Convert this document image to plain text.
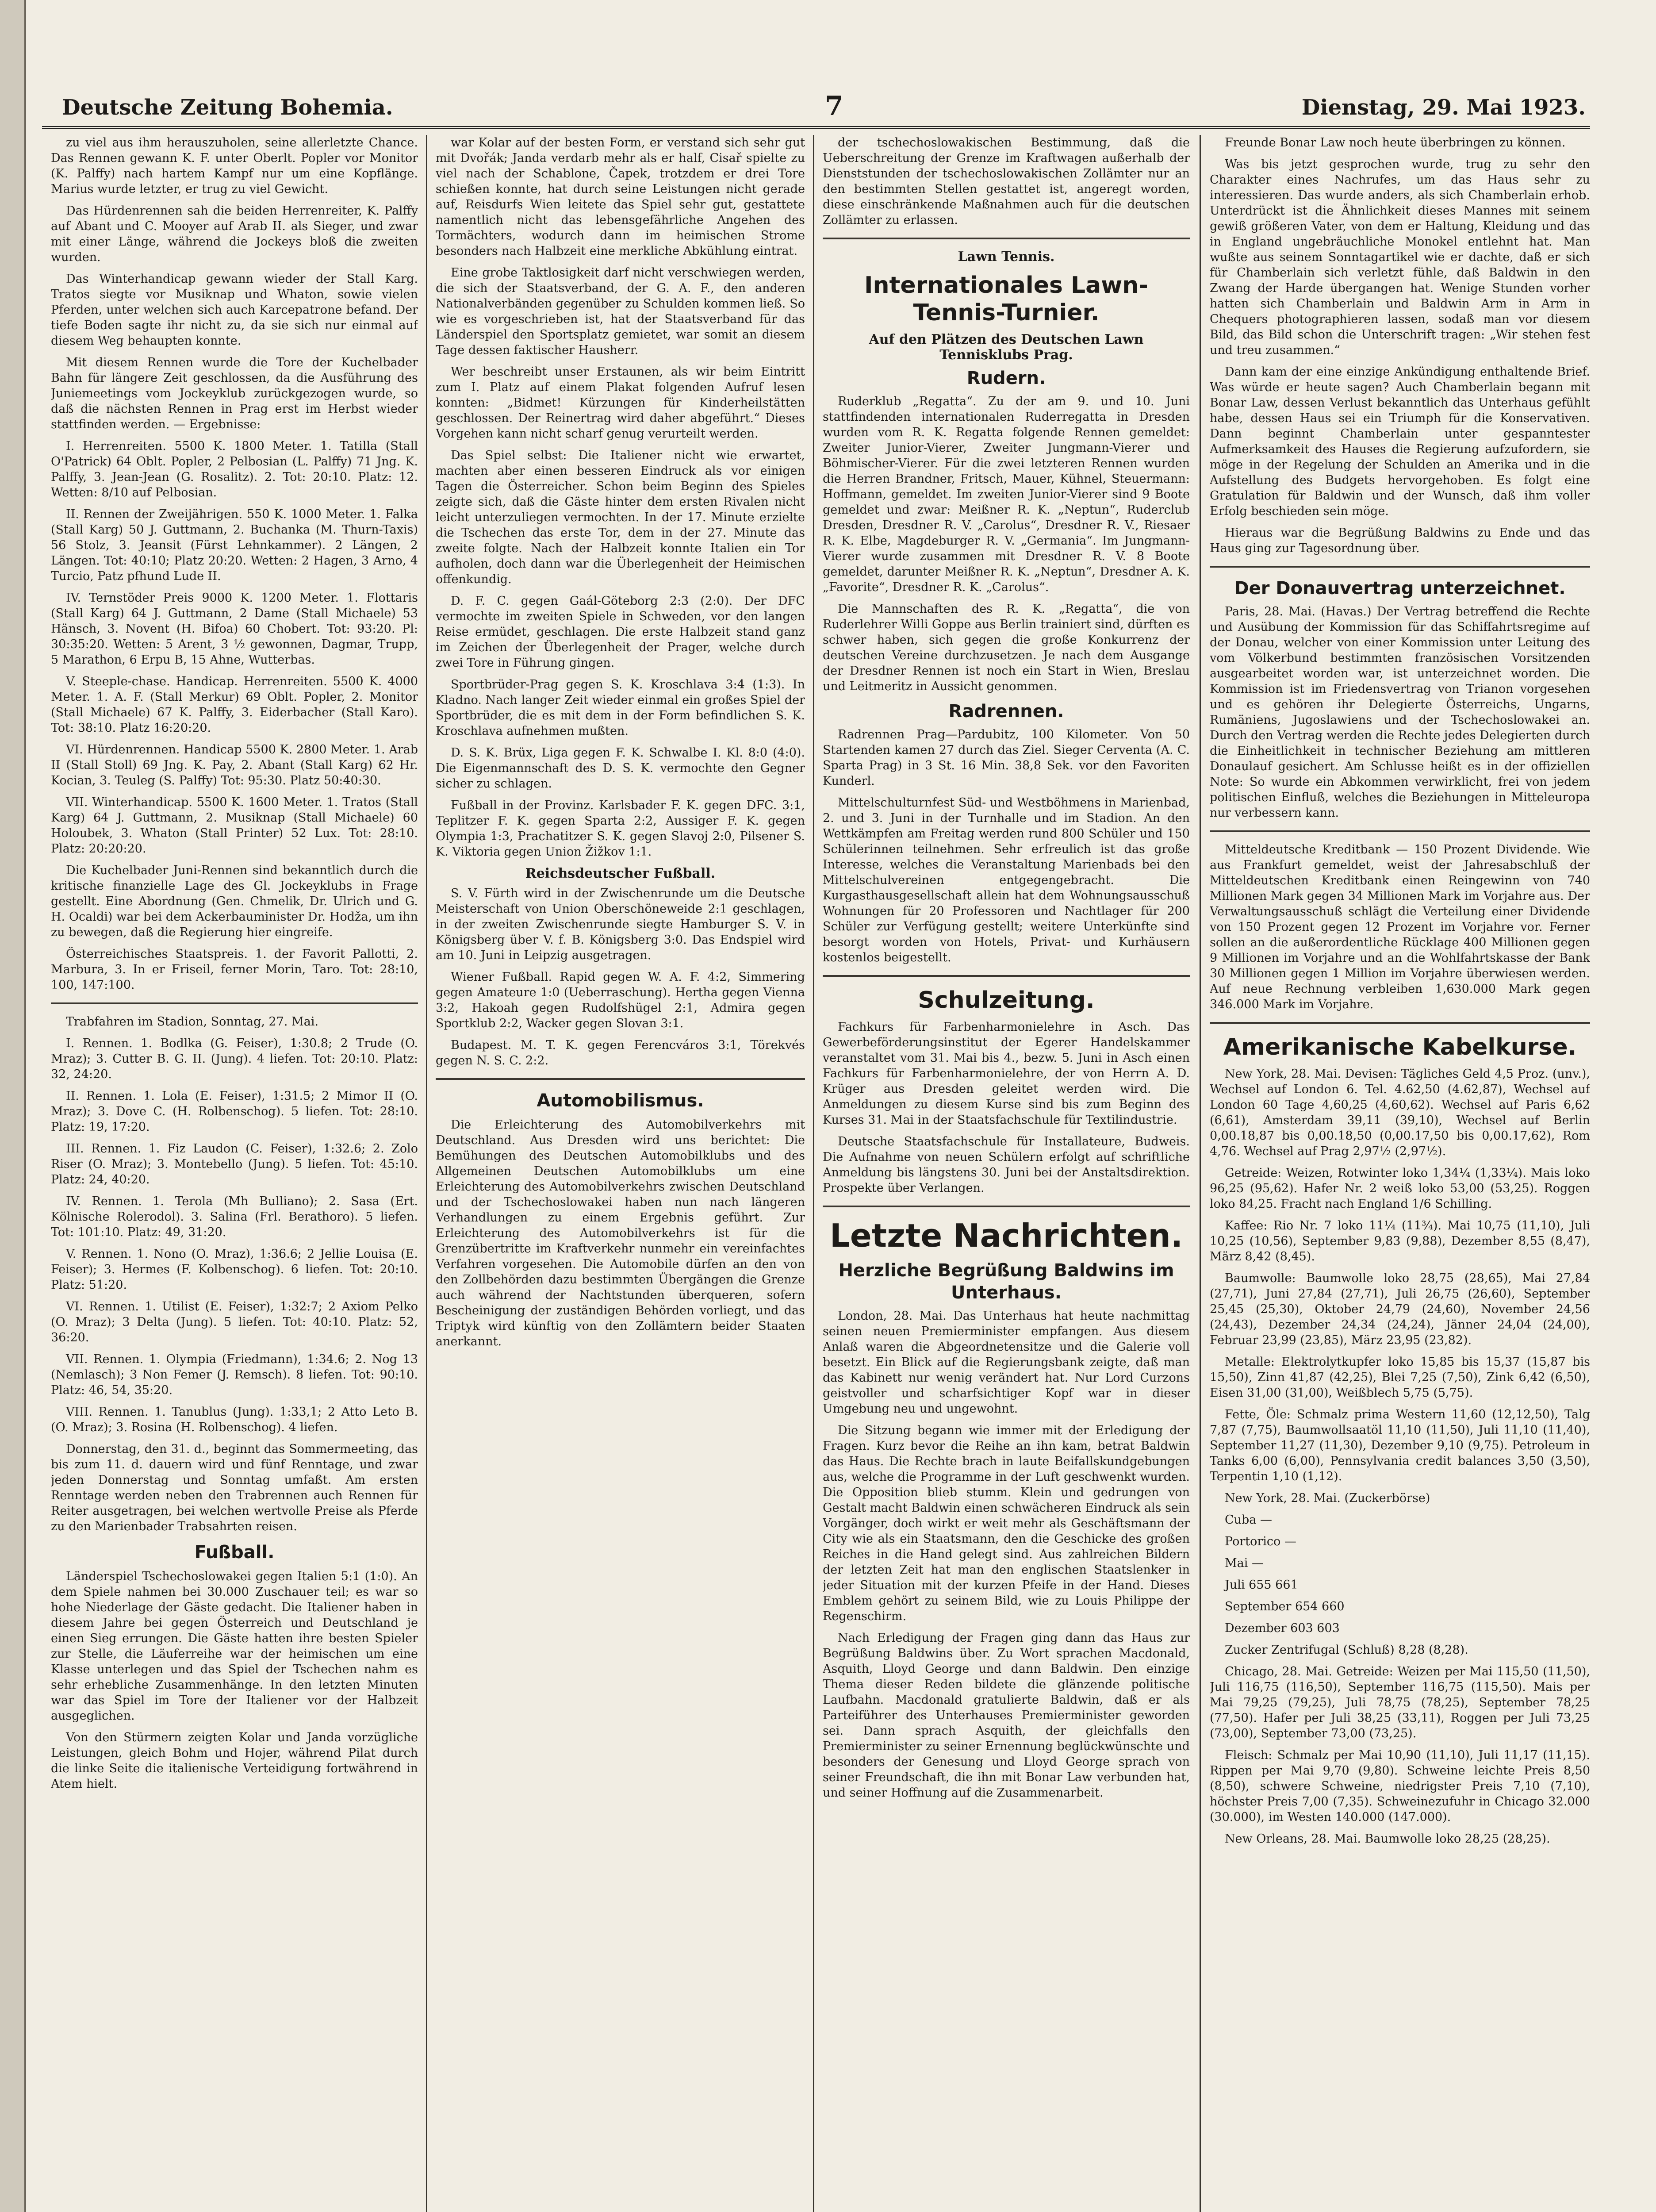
Deutsche Zeitung Bohemia.	7	Dienstag, 29. Mai 1923.

zu viel aus ihm herauszuholen, seine allerletzte Chance. Das Rennen gewann K. F. unter Oberlt. Popler vor Monitor (K. Palffy) nach hartem Kampf nur um eine Kopflänge. Marius wurde letzter, er trug zu viel Gewicht.

Das Hürdenrennen sah die beiden Herrenreiter, K. Palffy auf Abant und C. Mooyer auf Arab II. als Sieger, und zwar mit einer Länge, während die Jockeys bloß die zweiten wurden.

Das Winterhandicap gewann wieder der Stall Karg. Tratos siegte vor Musiknap und Whaton, sowie vielen Pferden, unter welchen sich auch Karcepatrone befand. Der tiefe Boden sagte ihr nicht zu, da sie sich nur einmal auf diesem Weg behaupten konnte.

Mit diesem Rennen wurde die Tore der Kuchelbader Bahn für längere Zeit geschlossen, da die Ausführung des Juniemeetings vom Jockeyklub zurückgezogen wurde, so daß die nächsten Rennen in Prag erst im Herbst wieder stattfinden werden. — Ergebnisse:

I. Herrenreiten. 5500 K. 1800 Meter. 1. Tatilla (Stall O'Patrick) 64 Oblt. Popler, 2 Pelbosian (L. Palffy) 71 Jng. K. Palffy, 3. Jean-Jean (G. Rosalitz). 2. Tot: 20:10. Platz: 12. Wetten: 8/10 auf Pelbosian.

II. Rennen der Zweijährigen. 550 K. 1000 Meter. 1. Falka (Stall Karg) 50 J. Guttmann, 2. Buchanka (M. Thurn-Taxis) 56 Stolz, 3. Jeansit (Fürst Lehnkammer). 2 Längen, 2 Längen. Tot: 40:10; Platz 20:20. Wetten: 2 Hagen, 3 Arno, 4 Turcio, Patz pfhund Lude II.

IV. Ternstöder Preis 9000 K. 1200 Meter. 1. Flottaris (Stall Karg) 64 J. Guttmann, 2 Dame (Stall Michaele) 53 Hänsch, 3. Novent (H. Bifoa) 60 Chobert. Tot: 93:20. Pl: 30:35:20. Wetten: 5 Arent, 3 ½ gewonnen, Dagmar, Trupp, 5 Marathon, 6 Erpu B, 15 Ahne, Wutterbas.

V. Steeple-chase. Handicap. Herrenreiten. 5500 K. 4000 Meter. 1. A. F. (Stall Merkur) 69 Oblt. Popler, 2. Monitor (Stall Michaele) 67 K. Palffy, 3. Eiderbacher (Stall Karo). Tot: 38:10. Platz 16:20:20.

VI. Hürdenrennen. Handicap 5500 K. 2800 Meter. 1. Arab II (Stall Stoll) 69 Jng. K. Pay, 2. Abant (Stall Karg) 62 Hr. Kocian, 3. Teuleg (S. Palffy) Tot: 95:30. Platz 50:40:30.

VII. Winterhandicap. 5500 K. 1600 Meter. 1. Tratos (Stall Karg) 64 J. Guttmann, 2. Musiknap (Stall Michaele) 60 Holoubek, 3. Whaton (Stall Printer) 52 Lux. Tot: 28:10. Platz: 20:20:20.

Die Kuchelbader Juni-Rennen sind bekanntlich durch die kritische finanzielle Lage des Gl. Jockeyklubs in Frage gestellt. Eine Abordnung (Gen. Chmelik, Dr. Ulrich und G. H. Ocaldi) war bei dem Ackerbauminister Dr. Hodža, um ihn zu bewegen, daß die Regierung hier eingreife.

Österreichisches Staatspreis. 1. der Favorit Pallotti, 2. Marbura, 3. In er Friseil, ferner Morin, Taro. Tot: 28:10, 100, 147:100.

Trabfahren im Stadion, Sonntag, 27. Mai.

I. Rennen. 1. Bodlka (G. Feiser), 1:30.8; 2 Trude (O. Mraz); 3. Cutter B. G. II. (Jung). 4 liefen. Tot: 20:10. Platz: 32, 24:20.

II. Rennen. 1. Lola (E. Feiser), 1:31.5; 2 Mimor II (O. Mraz); 3. Dove C. (H. Rolbenschog). 5 liefen. Tot: 28:10. Platz: 19, 17:20.

III. Rennen. 1. Fiz Laudon (C. Feiser), 1:32.6; 2. Zolo Riser (O. Mraz); 3. Montebello (Jung). 5 liefen. Tot: 45:10. Platz: 24, 40:20.

IV. Rennen. 1. Terola (Mh Bulliano); 2. Sasa (Ert. Kölnische Rolerodol). 3. Salina (Frl. Berathoro). 5 liefen. Tot: 101:10. Platz: 49, 31:20.

V. Rennen. 1. Nono (O. Mraz), 1:36.6; 2 Jellie Louisa (E. Feiser); 3. Hermes (F. Kolbenschog). 6 liefen. Tot: 20:10. Platz: 51:20.

VI. Rennen. 1. Utilist (E. Feiser), 1:32:7; 2 Axiom Pelko (O. Mraz); 3 Delta (Jung). 5 liefen. Tot: 40:10. Platz: 52, 36:20.

VII. Rennen. 1. Olympia (Friedmann), 1:34.6; 2. Nog 13 (Nemlasch); 3 Non Femer (J. Remsch). 8 liefen. Tot: 90:10. Platz: 46, 54, 35:20.

VIII. Rennen. 1. Tanublus (Jung). 1:33,1; 2 Atto Leto B. (O. Mraz); 3. Rosina (H. Rolbenschog). 4 liefen.

Donnerstag, den 31. d., beginnt das Sommermeeting, das bis zum 11. d. dauern wird und fünf Renntage, und zwar jeden Donnerstag und Sonntag umfaßt. Am ersten Renntage werden neben den Trabrennen auch Rennen für Reiter ausgetragen, bei welchen wertvolle Preise als Pferde zu den Marienbader Trabsahrten reisen.

Fußball.

Länderspiel Tschechoslowakei gegen Italien 5:1 (1:0). An dem Spiele nahmen bei 30.000 Zuschauer teil; es war so hohe Niederlage der Gäste gedacht. Die Italiener haben in diesem Jahre bei gegen Österreich und Deutschland je einen Sieg errungen. Die Gäste hatten ihre besten Spieler zur Stelle, die Läuferreihe war der heimischen um eine Klasse unterlegen und das Spiel der Tschechen nahm es sehr erhebliche Zusammenhänge. In den letzten Minuten war das Spiel im Tore der Italiener vor der Halbzeit ausgeglichen.

Von den Stürmern zeigten Kolar und Janda vorzügliche Leistungen, gleich Bohm und Hojer, während Pilat durch die linke Seite die italienische Verteidigung fortwährend in Atem hielt.

war Kolar auf der besten Form, er verstand sich sehr gut mit Dvořák; Janda verdarb mehr als er half, Cisař spielte zu viel nach der Schablone, Čapek, trotzdem er drei Tore schießen konnte, hat durch seine Leistungen nicht gerade auf, Reisdurfs Wien leitete das Spiel sehr gut, gestattete namentlich nicht das lebensgefährliche Angehen des Tormächters, wodurch dann im heimischen Strome besonders nach Halbzeit eine merkliche Abkühlung eintrat.

Eine grobe Taktlosigkeit darf nicht verschwiegen werden, die sich der Staatsverband, der G. A. F., den anderen Nationalverbänden gegenüber zu Schulden kommen ließ. So wie es vorgeschrieben ist, hat der Staatsverband für das Länderspiel den Sportsplatz gemietet, war somit an diesem Tage dessen faktischer Hausherr.

Wer beschreibt unser Erstaunen, als wir beim Eintritt zum I. Platz auf einem Plakat folgenden Aufruf lesen konnten: „Bidmet! Kürzungen für Kinderheilstätten geschlossen. Der Reinertrag wird daher abgeführt.“ Dieses Vorgehen kann nicht scharf genug verurteilt werden.

Das Spiel selbst: Die Italiener nicht wie erwartet, machten aber einen besseren Eindruck als vor einigen Tagen die Österreicher. Schon beim Beginn des Spieles zeigte sich, daß die Gäste hinter dem ersten Rivalen nicht leicht unterzuliegen vermochten. In der 17. Minute erzielte die Tschechen das erste Tor, dem in der 27. Minute das zweite folgte. Nach der Halbzeit konnte Italien ein Tor aufholen, doch dann war die Überlegenheit der Heimischen offenkundig.

D. F. C. gegen Gaál-Göteborg 2:3 (2:0). Der DFC vermochte im zweiten Spiele in Schweden, vor den langen Reise ermüdet, geschlagen. Die erste Halbzeit stand ganz im Zeichen der Überlegenheit der Prager, welche durch zwei Tore in Führung gingen.

Sportbrüder-Prag gegen S. K. Kroschlava 3:4 (1:3). In Kladno. Nach langer Zeit wieder einmal ein großes Spiel der Sportbrüder, die es mit dem in der Form befindlichen S. K. Kroschlava aufnehmen mußten.

D. S. K. Brüx, Liga gegen F. K. Schwalbe I. Kl. 8:0 (4:0). Die Eigenmannschaft des D. S. K. vermochte den Gegner sicher zu schlagen.

Fußball in der Provinz. Karlsbader F. K. gegen DFC. 3:1, Teplitzer F. K. gegen Sparta 2:2, Aussiger F. K. gegen Olympia 1:3, Prachatitzer S. K. gegen Slavoj 2:0, Pilsener S. K. Viktoria gegen Union Žižkov 1:1.

Reichsdeutscher Fußball.

S. V. Fürth wird in der Zwischenrunde um die Deutsche Meisterschaft von Union Oberschöneweide 2:1 geschlagen, in der zweiten Zwischenrunde siegte Hamburger S. V. in Königsberg über V. f. B. Königsberg 3:0. Das Endspiel wird am 10. Juni in Leipzig ausgetragen.

Wiener Fußball. Rapid gegen W. A. F. 4:2, Simmering gegen Amateure 1:0 (Ueberraschung). Hertha gegen Vienna 3:2, Hakoah gegen Rudolfshügel 2:1, Admira gegen Sportklub 2:2, Wacker gegen Slovan 3:1.

Budapest. M. T. K. gegen Ferencváros 3:1, Törekvés gegen N. S. C. 2:2.

Automobilismus.

Die Erleichterung des Automobilverkehrs mit Deutschland. Aus Dresden wird uns berichtet: Die Bemühungen des Deutschen Automobilklubs und des Allgemeinen Deutschen Automobilklubs um eine Erleichterung des Automobilverkehrs zwischen Deutschland und der Tschechoslowakei haben nun nach längeren Verhandlungen zu einem Ergebnis geführt. Zur Erleichterung des Automobilverkehrs ist für die Grenzübertritte im Kraftverkehr nunmehr ein vereinfachtes Verfahren vorgesehen. Die Automobile dürfen an den von den Zollbehörden dazu bestimmten Übergängen die Grenze auch während der Nachtstunden überqueren, sofern Bescheinigung der zuständigen Behörden vorliegt, und das Triptyk wird künftig von den Zollämtern beider Staaten anerkannt.

der tschechoslowakischen Bestimmung, daß die Ueberschreitung der Grenze im Kraftwagen außerhalb der Dienststunden der tschechoslowakischen Zollämter nur an den bestimmten Stellen gestattet ist, angeregt worden, diese einschränkende Maßnahmen auch für die deutschen Zollämter zu erlassen.

Lawn Tennis.
Internationales Lawn-Tennis-Turnier.
Auf den Plätzen des Deutschen Lawn Tennisklubs Prag.
Rudern.

Ruderklub „Regatta“. Zu der am 9. und 10. Juni stattfindenden internationalen Ruderregatta in Dresden wurden vom R. K. Regatta folgende Rennen gemeldet: Zweiter Junior-Vierer, Zweiter Jungmann-Vierer und Böhmischer-Vierer. Für die zwei letzteren Rennen wurden die Herren Brandner, Fritsch, Mauer, Kühnel, Steuermann: Hoffmann, gemeldet. Im zweiten Junior-Vierer sind 9 Boote gemeldet und zwar: Meißner R. K. „Neptun“, Ruderclub Dresden, Dresdner R. V. „Carolus“, Dresdner R. V., Riesaer R. K. Elbe, Magdeburger R. V. „Germania“. Im Jungmann-Vierer wurde zusammen mit Dresdner R. V. 8 Boote gemeldet, darunter Meißner R. K. „Neptun“, Dresdner A. K. „Favorite“, Dresdner R. K. „Carolus“.

Die Mannschaften des R. K. „Regatta“, die von Ruderlehrer Willi Goppe aus Berlin trainiert sind, dürften es schwer haben, sich gegen die große Konkurrenz der deutschen Vereine durchzusetzen. Je nach dem Ausgange der Dresdner Rennen ist noch ein Start in Wien, Breslau und Leitmeritz in Aussicht genommen.

Radrennen.

Radrennen Prag—Pardubitz, 100 Kilometer. Von 50 Startenden kamen 27 durch das Ziel. Sieger Cerventa (A. C. Sparta Prag) in 3 St. 16 Min. 38,8 Sek. vor den Favoriten Kunderl.

Mittelschulturnfest Süd- und Westböhmens in Marienbad, 2. und 3. Juni in der Turnhalle und im Stadion. An den Wettkämpfen am Freitag werden rund 800 Schüler und 150 Schülerinnen teilnehmen. Sehr erfreulich ist das große Interesse, welches die Veranstaltung Marienbads bei den Mittelschulvereinen entgegengebracht. Die Kurgasthausgesellschaft allein hat dem Wohnungsausschuß Wohnungen für 20 Professoren und Nachtlager für 200 Schüler zur Verfügung gestellt; weitere Unterkünfte sind besorgt worden von Hotels, Privat- und Kurhäusern kostenlos beigestellt.

Schulzeitung.

Fachkurs für Farbenharmonielehre in Asch. Das Gewerbeförderungsinstitut der Egerer Handelskammer veranstaltet vom 31. Mai bis 4., bezw. 5. Juni in Asch einen Fachkurs für Farbenharmonielehre, der von Herrn A. D. Krüger aus Dresden geleitet werden wird. Die Anmeldungen zu diesem Kurse sind bis zum Beginn des Kurses 31. Mai in der Staatsfachschule für Textilindustrie.

Deutsche Staatsfachschule für Installateure, Budweis. Die Aufnahme von neuen Schülern erfolgt auf schriftliche Anmeldung bis längstens 30. Juni bei der Anstaltsdirektion. Prospekte über Verlangen.

Letzte Nachrichten.
Herzliche Begrüßung Baldwins im Unterhaus.

London, 28. Mai. Das Unterhaus hat heute nachmittag seinen neuen Premierminister empfangen. Aus diesem Anlaß waren die Abgeordnetensitze und die Galerie voll besetzt. Ein Blick auf die Regierungsbank zeigte, daß man das Kabinett nur wenig verändert hat. Nur Lord Curzons geistvoller und scharfsichtiger Kopf war in dieser Umgebung neu und ungewohnt.

Die Sitzung begann wie immer mit der Erledigung der Fragen. Kurz bevor die Reihe an ihn kam, betrat Baldwin das Haus. Die Rechte brach in laute Beifallskundgebungen aus, welche die Programme in der Luft geschwenkt wurden. Die Opposition blieb stumm. Klein und gedrungen von Gestalt macht Baldwin einen schwächeren Eindruck als sein Vorgänger, doch wirkt er weit mehr als Geschäftsmann der City wie als ein Staatsmann, den die Geschicke des großen Reiches in die Hand gelegt sind. Aus zahlreichen Bildern der letzten Zeit hat man den englischen Staatslenker in jeder Situation mit der kurzen Pfeife in der Hand. Dieses Emblem gehört zu seinem Bild, wie zu Louis Philippe der Regenschirm.

Nach Erledigung der Fragen ging dann das Haus zur Begrüßung Baldwins über. Zu Wort sprachen Macdonald, Asquith, Lloyd George und dann Baldwin. Den einzige Thema dieser Reden bildete die glänzende politische Laufbahn. Macdonald gratulierte Baldwin, daß er als Parteiführer des Unterhauses Premierminister geworden sei. Dann sprach Asquith, der gleichfalls den Premierminister zu seiner Ernennung beglückwünschte und besonders der Genesung und Lloyd George sprach von seiner Freundschaft, die ihn mit Bonar Law verbunden hat, und seiner Hoffnung auf die Zusammenarbeit.

Freunde Bonar Law noch heute überbringen zu können.

Was bis jetzt gesprochen wurde, trug zu sehr den Charakter eines Nachrufes, um das Haus sehr zu interessieren. Das wurde anders, als sich Chamberlain erhob. Unterdrückt ist die Ähnlichkeit dieses Mannes mit seinem gewiß größeren Vater, von dem er Haltung, Kleidung und das in England ungebräuchliche Monokel entlehnt hat. Man wußte aus seinem Sonntagartikel wie er dachte, daß er sich für Chamberlain sich verletzt fühle, daß Baldwin in den Zwang der Harde übergangen hat. Wenige Stunden vorher hatten sich Chamberlain und Baldwin Arm in Arm in Chequers photographieren lassen, sodaß man vor diesem Bild, das Bild schon die Unterschrift tragen: „Wir stehen fest und treu zusammen.“

Dann kam der eine einzige Ankündigung enthaltende Brief. Was würde er heute sagen? Auch Chamberlain begann mit Bonar Law, dessen Verlust bekanntlich das Unterhaus gefühlt habe, dessen Haus sei ein Triumph für die Konservativen. Dann beginnt Chamberlain unter gespanntester Aufmerksamkeit des Hauses die Regierung aufzufordern, sie möge in der Regelung der Schulden an Amerika und in die Aufstellung des Budgets hervorgehoben. Es folgt eine Gratulation für Baldwin und der Wunsch, daß ihm voller Erfolg beschieden sein möge.

Hieraus war die Begrüßung Baldwins zu Ende und das Haus ging zur Tagesordnung über.

Der Donauvertrag unterzeichnet.

Paris, 28. Mai. (Havas.) Der Vertrag betreffend die Rechte und Ausübung der Kommission für das Schiffahrtsregime auf der Donau, welcher von einer Kommission unter Leitung des vom Völkerbund bestimmten französischen Vorsitzenden ausgearbeitet worden war, ist unterzeichnet worden. Die Kommission ist im Friedensvertrag von Trianon vorgesehen und es gehören ihr Delegierte Österreichs, Ungarns, Rumäniens, Jugoslawiens und der Tschechoslowakei an. Durch den Vertrag werden die Rechte jedes Delegierten durch die Einheitlichkeit in technischer Beziehung am mittleren Donaulauf gesichert. Am Schlusse heißt es in der offiziellen Note: So wurde ein Abkommen verwirklicht, frei von jedem politischen Einfluß, welches die Beziehungen in Mitteleuropa nur verbessern kann.

Mitteldeutsche Kreditbank — 150 Prozent Dividende. Wie aus Frankfurt gemeldet, weist der Jahresabschluß der Mitteldeutschen Kreditbank einen Reingewinn von 740 Millionen Mark gegen 34 Millionen Mark im Vorjahre aus. Der Verwaltungsausschuß schlägt die Verteilung einer Dividende von 150 Prozent gegen 12 Prozent im Vorjahre vor. Ferner sollen an die außerordentliche Rücklage 400 Millionen gegen 9 Millionen im Vorjahre und an die Wohlfahrtskasse der Bank 30 Millionen gegen 1 Million im Vorjahre überwiesen werden. Auf neue Rechnung verbleiben 1,630.000 Mark gegen 346.000 Mark im Vorjahre.

Amerikanische Kabelkurse.

New York, 28. Mai. Devisen: Tägliches Geld 4,5 Proz. (unv.), Wechsel auf London 6. Tel. 4.62,50 (4.62,87), Wechsel auf London 60 Tage 4,60,25 (4,60,62). Wechsel auf Paris 6,62 (6,61), Amsterdam 39,11 (39,10), Wechsel auf Berlin 0,00.18,87 bis 0,00.18,50 (0,00.17,50 bis 0,00.17,62), Rom 4,76. Wechsel auf Prag 2,97½ (2,97½).

Getreide: Weizen, Rotwinter loko 1,34¼ (1,33¼). Mais loko 96,25 (95,62). Hafer Nr. 2 weiß loko 53,00 (53,25). Roggen loko 84,25. Fracht nach England 1/6 Schilling.

Kaffee: Rio Nr. 7 loko 11¼ (11¾). Mai 10,75 (11,10), Juli 10,25 (10,56), September 9,83 (9,88), Dezember 8,55 (8,47), März 8,42 (8,45).

Baumwolle: Baumwolle loko 28,75 (28,65), Mai 27,84 (27,71), Juni 27,84 (27,71), Juli 26,75 (26,60), September 25,45 (25,30), Oktober 24,79 (24,60), November 24,56 (24,43), Dezember 24,34 (24,24), Jänner 24,04 (24,00), Februar 23,99 (23,85), März 23,95 (23,82).

Metalle: Elektrolytkupfer loko 15,85 bis 15,37 (15,87 bis 15,50), Zinn 41,87 (42,25), Blei 7,25 (7,50), Zink 6,42 (6,50), Eisen 31,00 (31,00), Weißblech 5,75 (5,75).

Fette, Öle: Schmalz prima Western 11,60 (12,12,50), Talg 7,87 (7,75), Baumwollsaatöl 11,10 (11,50), Juli 11,10 (11,40), September 11,27 (11,30), Dezember 9,10 (9,75). Petroleum in Tanks 6,00 (6,00), Pennsylvania credit balances 3,50 (3,50), Terpentin 1,10 (1,12).

New York, 28. Mai. (Zuckerbörse)

Cuba —

Portorico —

Mai —

Juli 655 661

September 654 660

Dezember 603 603

Zucker Zentrifugal (Schluß) 8,28 (8,28).

Chicago, 28. Mai. Getreide: Weizen per Mai 115,50 (11,50), Juli 116,75 (116,50), September 116,75 (115,50). Mais per Mai 79,25 (79,25), Juli 78,75 (78,25), September 78,25 (77,50). Hafer per Juli 38,25 (33,11), Roggen per Juli 73,25 (73,00), September 73,00 (73,25).

Fleisch: Schmalz per Mai 10,90 (11,10), Juli 11,17 (11,15). Rippen per Mai 9,70 (9,80). Schweine leichte Preis 8,50 (8,50), schwere Schweine, niedrigster Preis 7,10 (7,10), höchster Preis 7,00 (7,35). Schweinezufuhr in Chicago 32.000 (30.000), im Westen 140.000 (147.000).

New Orleans, 28. Mai. Baumwolle loko 28,25 (28,25).
